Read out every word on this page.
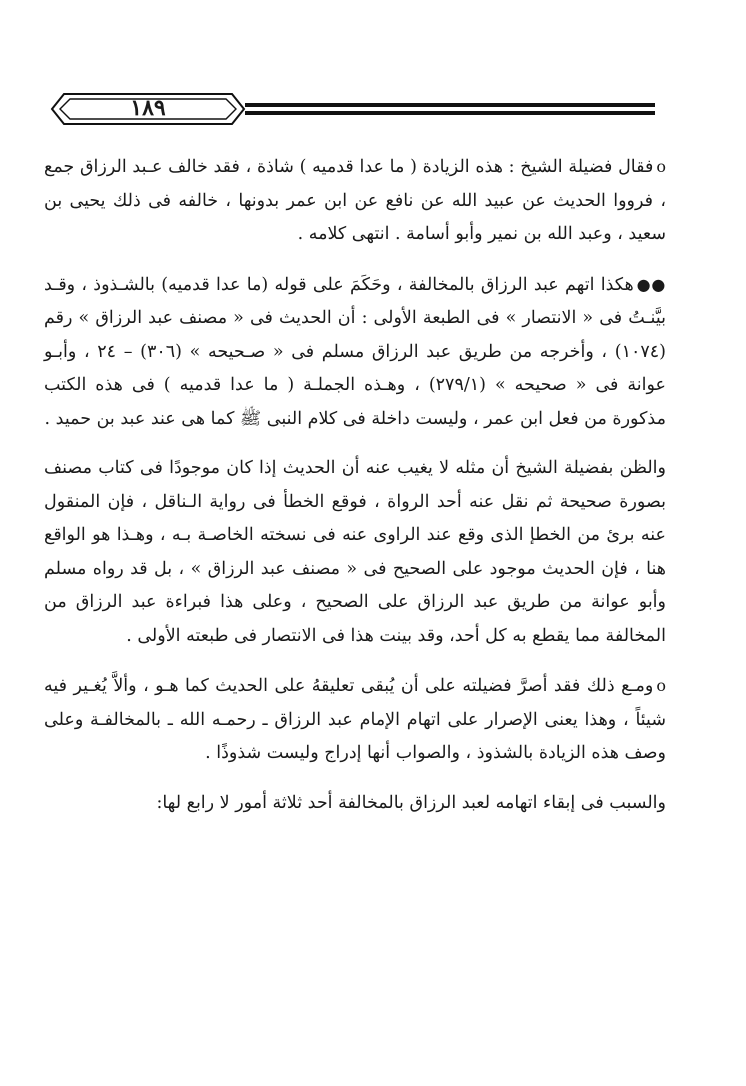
١٨٩

oفقال فضيلة الشيخ : هذه الزيادة ( ما عدا قدميه ) شاذة ، فقد خالف عـبد الرزاق جمع ، فرووا الحديث عن عبيد الله عن نافع عن ابن عمر بدونها ، خالفه فى ذلك يحيى بن سعيد ، وعبد الله بن نمير وأبو أسامة . انتهى كلامه .

●●هكذا اتهم عبد الرزاق بالمخالفة ، وحَكَمَ على قوله (ما عدا قدميه) بالشـذوذ ، وقـد بيَّنـتُ فى « الانتصار » فى الطبعة الأولى : أن الحديث فى « مصنف عبد الرزاق » رقم (١٠٧٤) ، وأخرجه من طريق عبد الرزاق مسلم فى « صـحيحه » (٣٠٦) – ٢٤ ، وأبـو عوانة فى « صحيحه » (٢٧٩/١) ، وهـذه الجملـة ( ما عدا قدميه ) فى هذه الكتب مذكورة من فعل ابن عمر ، وليست داخلة فى كلام النبى ﷺ كما هى عند عبد بن حميد .

والظن بفضيلة الشيخ أن مثله لا يغيب عنه أن الحديث إذا كان موجودًا فى كتاب مصنف بصورة صحيحة ثم نقل عنه أحد الرواة ، فوقع الخطأ فى رواية الـناقل ، فإن المنقول عنه برئ من الخطإ الذى وقع عند الراوى عنه فى نسخته الخاصـة بـه ، وهـذا هو الواقع هنا ، فإن الحديث موجود على الصحيح فى « مصنف عبد الرزاق » ، بل قد رواه مسلم وأبو عوانة من طريق عبد الرزاق على الصحيح ، وعلى هذا فبراءة عبد الرزاق من المخالفة مما يقطع به كل أحد، وقد بينت هذا فى الانتصار فى طبعته الأولى .

oومـع ذلك فقد أصرَّ فضيلته على أن يُبقى تعليقهُ على الحديث كما هـو ، وألاَّ يُغـير فيه شيئاً ، وهذا يعنى الإصرار على اتهام الإمام عبد الرزاق ـ رحمـه الله ـ بالمخالفـة وعلى وصف هذه الزيادة بالشذوذ ، والصواب أنها إدراج وليست شذوذًا .

والسبب فى إبقاء اتهامه لعبد الرزاق بالمخالفة أحد ثلاثة أمور لا رابع لها:
